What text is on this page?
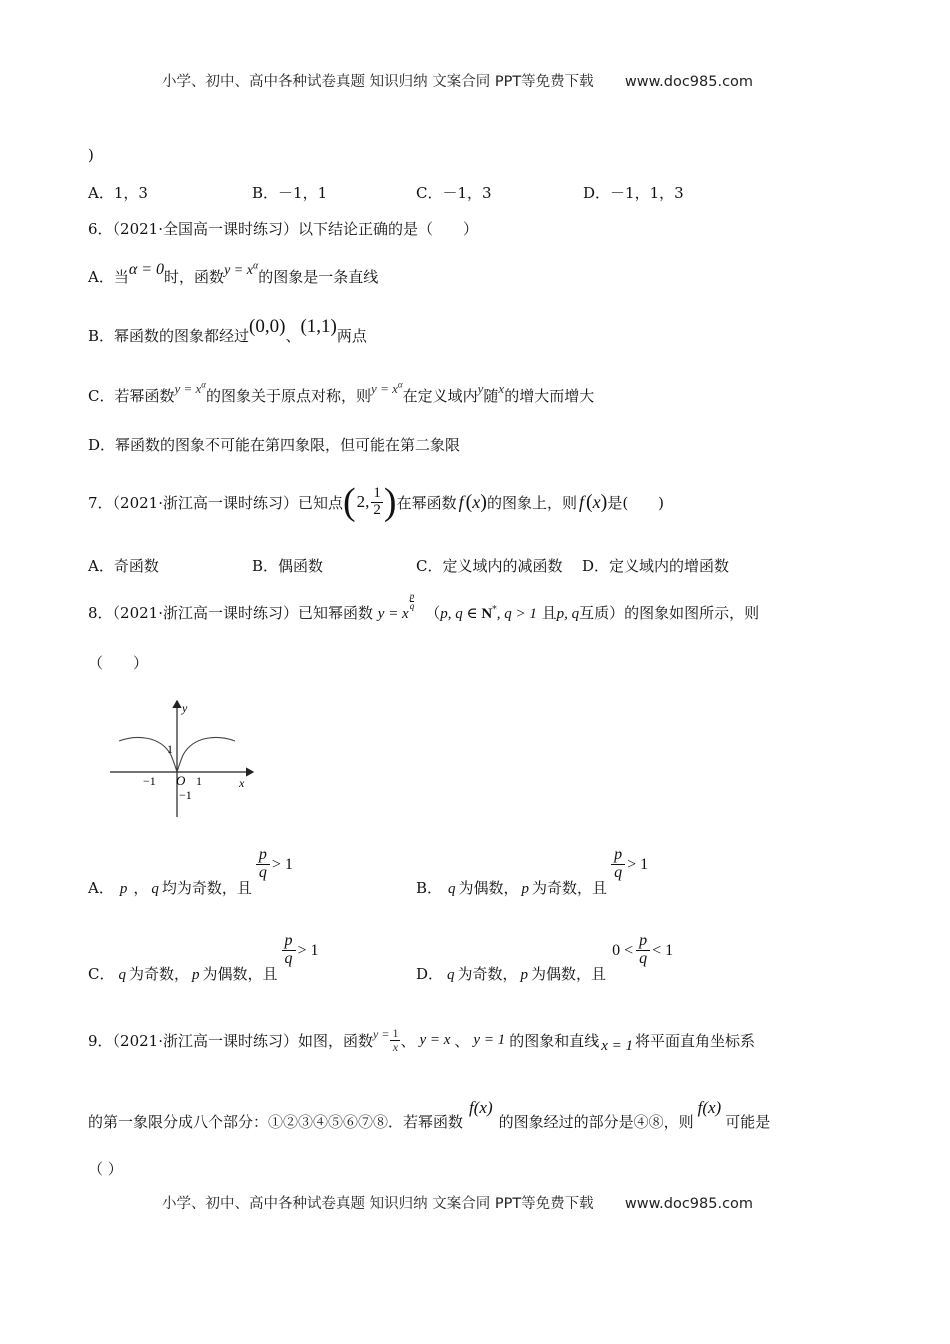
小学、初中、高中各种试卷真题 知识归纳 文案合同 PPT等免费下载 www.doc985.com
)
A．1，3	B．－1，1	C．－1，3	D．－1，1，3
6．（2021·全国高一课时练习）以下结论正确的是（　　）
A．当α = 0时，函数$y = x^\alpha$的图象是一条直线
B．幂函数的图象都经过(0,0)、(1,1)两点
C．若幂函数$y = x^\alpha$的图象关于原点对称，则$y = x^\alpha$在定义域内y随x的增大而增大
D．幂函数的图象不可能在第四象限，但可能在第二象限
7．（2021·浙江高一课时练习）已知点 ( 2, $\frac{1}{2}$ ) 在幂函数 f ( x ) 的图象上，则 f ( x ) 是(　　)
A．奇函数	B．偶函数	C．定义域内的减函数 D．定义域内的增函数
8．（2021·浙江高一课时练习）已知幂函数 y = x
p
q （p, q ∈ N*, q > 1 且p, q互质）的图象如图所示，则
（　　）
y
x
O
1
−1
−1	1
A． p ， q 均为奇数，且
$\frac{p}{q} > 1$
B． q 为偶数， p 为奇数，且
$\frac{p}{q} > 1$
C． q 为奇数， p 为偶数，且
$\frac{p}{q} > 1$
D． q 为奇数， p 为偶数，且
$0 < \frac{p}{q} < 1$
9．（2021·浙江高一课时练习）如图，函数 $y = \frac{1}{x}$ 、 y = x 、 y = 1 的图象和直线 x = 1 将平面直角坐标系
的第一象限分成八个部分：①②③④⑤⑥⑦⑧．若幂函数f(x)的图象经过的部分是④⑧，则f(x)可能是
（ ）
小学、初中、高中各种试卷真题 知识归纳 文案合同 PPT等免费下载 www.doc985.com
